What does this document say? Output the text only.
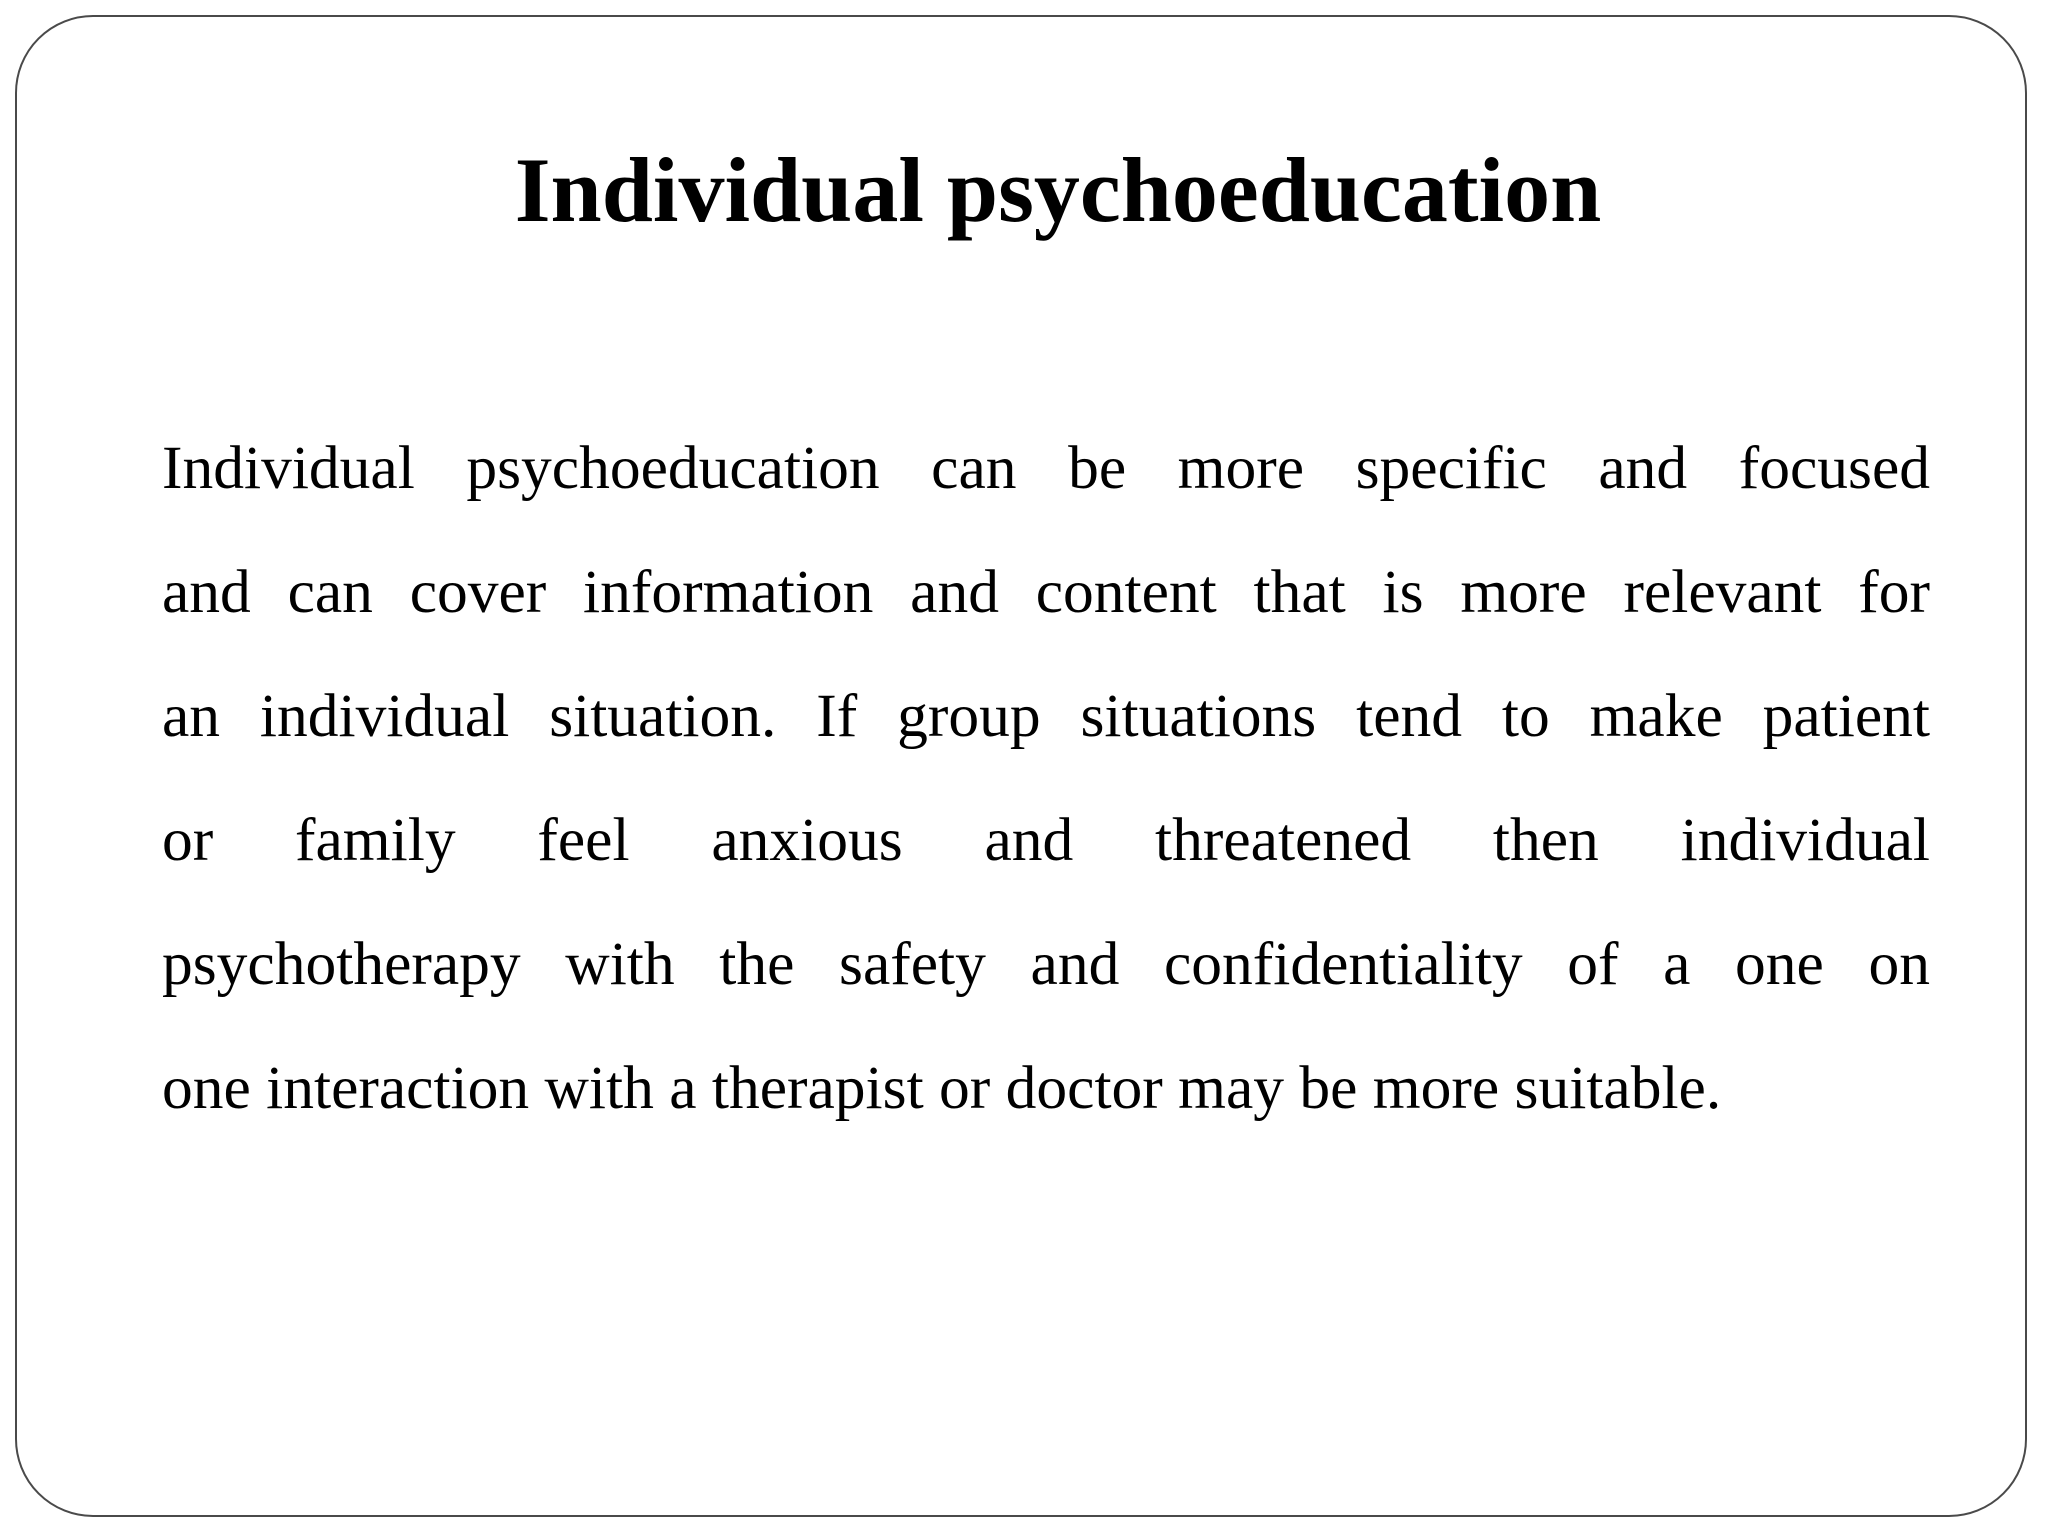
Individual psychoeducation
Individual psychoeducation can be more specific and focused
and can cover information and content that is more relevant for
an individual situation. If group situations tend to make patient
or family feel anxious and threatened then individual
psychotherapy with the safety and confidentiality of a one on
one interaction with a therapist or doctor may be more suitable.
